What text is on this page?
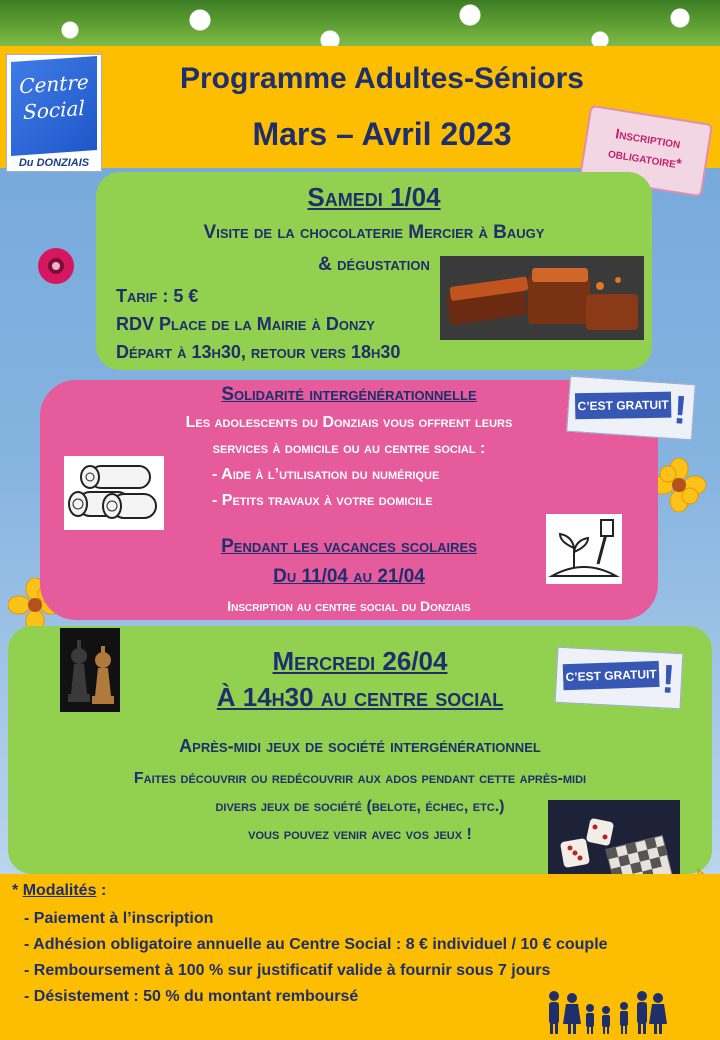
Centre
Social
Du DONZIAIS
Programme Adultes-Séniors
Mars – Avril 2023	Inscription
obligatoire*
Samedi 1/04
Visite de la chocolaterie Mercier à Baugy
& dégustation
Tarif : 5 €
RDV Place de la Mairie à Donzy
Départ à 13h30, retour vers 18h30
Solidarité intergénérationnelle
Les adolescents du Donziais vous offrent leurs
services à domicile ou au centre social :
- Aide à l’utilisation du numérique
- Petits travaux à votre domicile
Pendant les vacances scolaires
Du 11/04 au 21/04
Inscription au centre social du Donziais
C’EST GRATUIT !
Mercredi 26/04
À 14h30 au centre social
Après-midi jeux de société intergénérationnel
Faites découvrir ou redécouvrir aux ados pendant cette après-midi
divers jeux de société (belote, échec, etc.)
vous pouvez venir avec vos jeux !
C’EST GRATUIT !
* Modalités :
- Paiement à l’inscription
- Adhésion obligatoire annuelle au Centre Social : 8 € individuel / 10 € couple
- Remboursement à 100 % sur justificatif valide à fournir sous 7 jours
- Désistement : 50 % du montant remboursé
